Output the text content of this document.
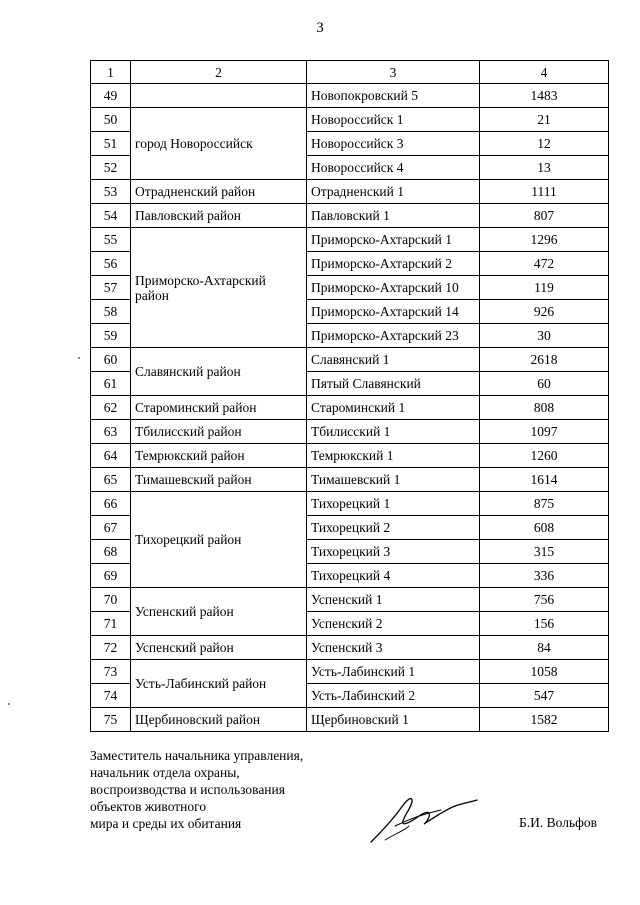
3
1	2	3	4
49		Новопокровский 5	1483
50	город Новороссийск	Новороссийск 1	21
51		Новороссийск 3	12
52		Новороссийск 4	13
53	Отрадненский район	Отрадненский 1	1111
54	Павловский район	Павловский 1	807
55	Приморско-Ахтарский район	Приморско-Ахтарский 1	1296
56		Приморско-Ахтарский 2	472
57		Приморско-Ахтарский 10	119
58		Приморско-Ахтарский 14	926
59		Приморско-Ахтарский 23	30
60	Славянский район	Славянский 1	2618
61		Пятый Славянский	60
62	Староминский район	Староминский 1	808
63	Тбилисский район	Тбилисский 1	1097
64	Темрюкский район	Темрюкский 1	1260
65	Тимашевский район	Тимашевский 1	1614
66	Тихорецкий район	Тихорецкий 1	875
67		Тихорецкий 2	608
68		Тихорецкий 3	315
69		Тихорецкий 4	336
70	Успенский район	Успенский 1	756
71		Успенский 2	156
72	Успенский район	Успенский 3	84
73	Усть-Лабинский район	Усть-Лабинский 1	1058
74		Усть-Лабинский 2	547
75	Щербиновский район	Щербиновский 1	1582
Заместитель начальника управления,
начальник отдела охраны,
воспроизводства и использования
объектов животного
мира и среды их обитания	Б.И. Вольфов
